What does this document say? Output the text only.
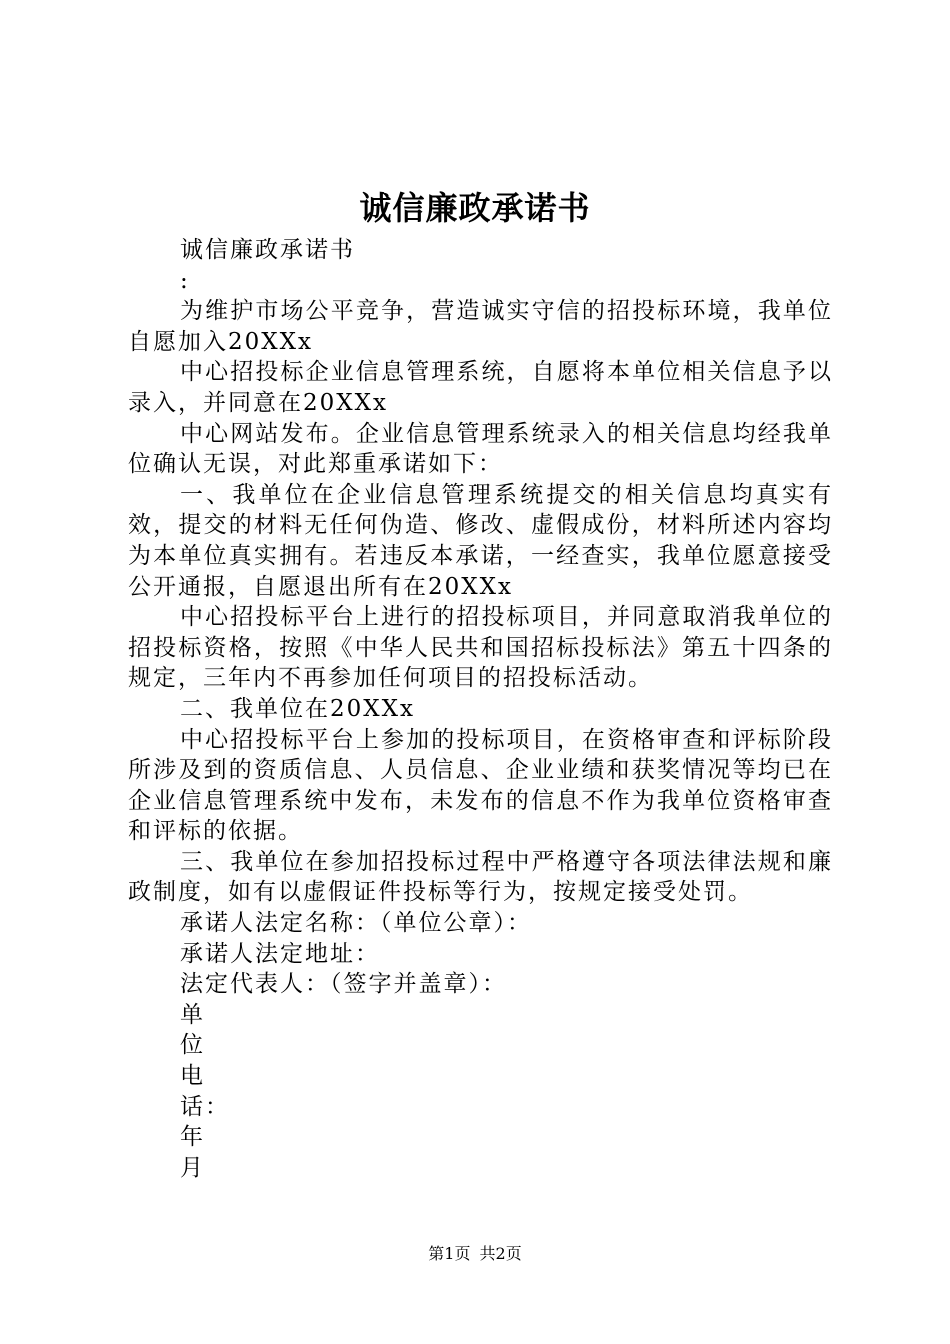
诚信廉政承诺书

诚信廉政承诺书

:

为维护市场公平竞争，营造诚实守信的招投标环境，我单位自愿加入20XXx

中心招投标企业信息管理系统，自愿将本单位相关信息予以录入，并同意在20XXx

中心网站发布。企业信息管理系统录入的相关信息均经我单位确认无误，对此郑重承诺如下：

一、我单位在企业信息管理系统提交的相关信息均真实有效，提交的材料无任何伪造、修改、虚假成份，材料所述内容均为本单位真实拥有。若违反本承诺，一经查实，我单位愿意接受公开通报，自愿退出所有在20XXx

中心招投标平台上进行的招投标项目，并同意取消我单位的招投标资格，按照《中华人民共和国招标投标法》第五十四条的规定，三年内不再参加任何项目的招投标活动。

二、我单位在20XXx

中心招投标平台上参加的投标项目，在资格审查和评标阶段所涉及到的资质信息、人员信息、企业业绩和获奖情况等均已在企业信息管理系统中发布，未发布的信息不作为我单位资格审查和评标的依据。

三、我单位在参加招投标过程中严格遵守各项法律法规和廉政制度，如有以虚假证件投标等行为，按规定接受处罚。

承诺人法定名称：（单位公章）：

承诺人法定地址：

法定代表人：（签字并盖章）：

单
位
电
话：
年
月
第1页 共2页
